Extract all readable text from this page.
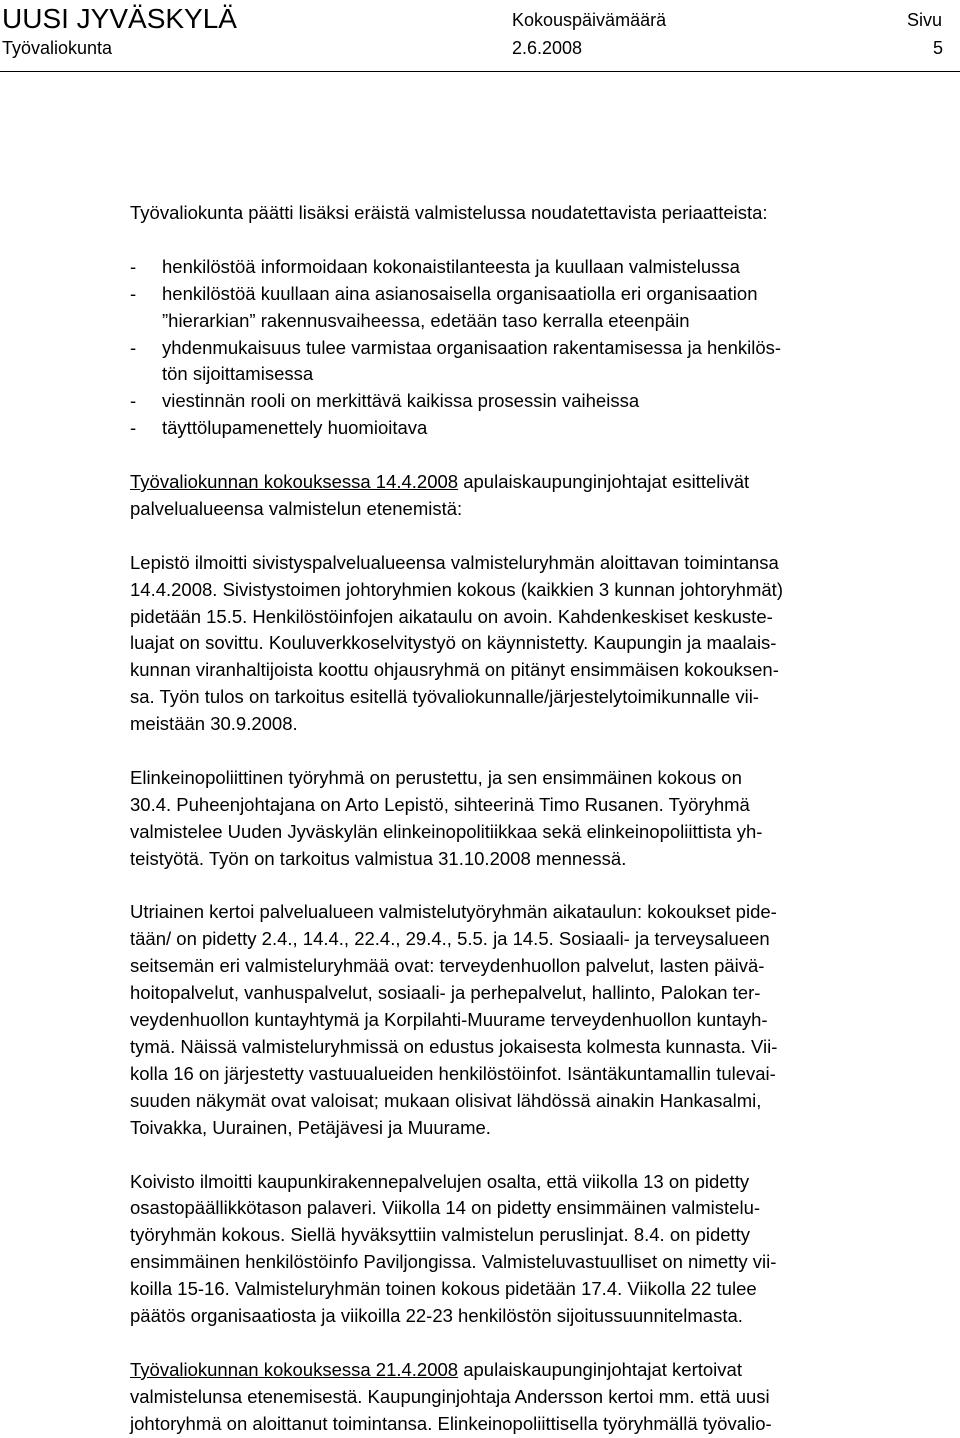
UUSI JYVÄSKYLÄ
Työvaliokunta
Kokouspäivämäärä
2.6.2008
Sivu
5

Työvaliokunta päätti lisäksi eräistä valmistelussa noudatettavista periaatteista:

- henkilöstöä informoidaan kokonaistilanteesta ja kuullaan valmistelussa
- henkilöstöä kuullaan aina asianosaisella organisaatiolla eri organisaation
”hierarkian” rakennusvaiheessa, edetään taso kerralla eteenpäin
- yhdenmukaisuus tulee varmistaa organisaation rakentamisessa ja henkilös-
tön sijoittamisessa
- viestinnän rooli on merkittävä kaikissa prosessin vaiheissa
- täyttölupamenettely huomioitava

Työvaliokunnan kokouksessa 14.4.2008 apulaiskaupunginjohtajat esittelivät

palvelualueensa valmistelun etenemistä:

Lepistö ilmoitti sivistyspalvelualueensa valmisteluryhmän aloittavan toimintansa

14.4.2008. Sivistystoimen johtoryhmien kokous (kaikkien 3 kunnan johtoryhmät)

pidetään 15.5. Henkilöstöinfojen aikataulu on avoin. Kahdenkeskiset keskuste-

luajat on sovittu. Kouluverkkoselvitystyö on käynnistetty. Kaupungin ja maalais-

kunnan viranhaltijoista koottu ohjausryhmä on pitänyt ensimmäisen kokouksen-

sa. Työn tulos on tarkoitus esitellä työvaliokunnalle/järjestelytoimikunnalle vii-

meistään 30.9.2008.

Elinkeinopoliittinen työryhmä on perustettu, ja sen ensimmäinen kokous on

30.4. Puheenjohtajana on Arto Lepistö, sihteerinä Timo Rusanen. Työryhmä

valmistelee Uuden Jyväskylän elinkeinopolitiikkaa sekä elinkeinopoliittista yh-

teistyötä. Työn on tarkoitus valmistua 31.10.2008 mennessä.

Utriainen kertoi palvelualueen valmistelutyöryhmän aikataulun: kokoukset pide-

tään/ on pidetty 2.4., 14.4., 22.4., 29.4., 5.5. ja 14.5. Sosiaali- ja terveysalueen

seitsemän eri valmisteluryhmää ovat: terveydenhuollon palvelut, lasten päivä-

hoitopalvelut, vanhuspalvelut, sosiaali- ja perhepalvelut, hallinto, Palokan ter-

veydenhuollon kuntayhtymä ja Korpilahti-Muurame terveydenhuollon kuntayh-

tymä. Näissä valmisteluryhmissä on edustus jokaisesta kolmesta kunnasta. Vii-

kolla 16 on järjestetty vastuualueiden henkilöstöinfot. Isäntäkuntamallin tulevai-

suuden näkymät ovat valoisat; mukaan olisivat lähdössä ainakin Hankasalmi,

Toivakka, Uurainen, Petäjävesi ja Muurame.

Koivisto ilmoitti kaupunkirakennepalvelujen osalta, että viikolla 13 on pidetty

osastopäällikkötason palaveri. Viikolla 14 on pidetty ensimmäinen valmistelu-

työryhmän kokous. Siellä hyväksyttiin valmistelun peruslinjat. 8.4. on pidetty

ensimmäinen henkilöstöinfo Paviljongissa. Valmisteluvastuulliset on nimetty vii-

koilla 15-16. Valmisteluryhmän toinen kokous pidetään 17.4. Viikolla 22 tulee

päätös organisaatiosta ja viikoilla 22-23 henkilöstön sijoitussuunnitelmasta.

Työvaliokunnan kokouksessa 21.4.2008 apulaiskaupunginjohtajat kertoivat

valmistelunsa etenemisestä. Kaupunginjohtaja Andersson kertoi mm. että uusi

johtoryhmä on aloittanut toimintansa. Elinkeinopoliittisella työryhmällä työvalio-
